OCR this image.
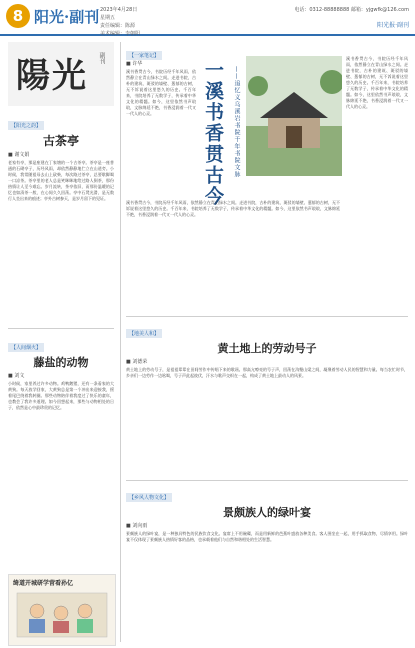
8 阳光·副刊 2023年4月28日
星期五
责任编辑：陈源
美术编辑：李朝阳
电话：0312-88888888 邮箱：yjgwfk@126.com
阳光报·副刊
陽光 副刊
【阳光之韵】
古茶亭
■ 谢文娟
老家有亭，那是座建在丁家塘的一个古茶亭。茶亭是一座普通的石砌亭子，历经风雨，却依然静静地伫立在山道旁。小时候，我常随祖母去山上砍柴，每次路过茶亭，总要歇脚喝一口凉茶。茶亭里的老人总是笑眯眯地给过路人倒茶，那份热情让人至今难忘。岁月流转，茶亭依旧，而那份温暖的记忆也如清茶一般，在心间久久回荡。亭中石凳光滑，是无数行人坐出来的痕迹；亭外古树参天，是岁月留下的见证。
【人间烟火】
藤盐的动物
■ 刘文
小时候，家里养过许多动物。鸡鸭鹅猪，还有一条看家的大黄狗。每天放学回家，大黄狗总是第一个冲出来迎接我，摇着尾巴绕着我转圈。那些动物陪伴着我度过了快乐的童年，也教会了我许多道理。如今回想起来，那些与动物相处的日子，依然是心中最珍贵的记忆。
绮道开城研学营看孙亿
【一家笔记】
■ 许华
溪书香贯古今，书院历经千年风雨，依然静立在青山绿水之间。走进书院，古朴的建筑、斑驳的墙壁、葱郁的古树，无不诉说着这里悠久的历史。千百年来，书院培养了无数学子，传承着中华文化的精髓。如今，这里依然书声琅琅，文脉绵延不绝，书香浸润着一代又一代人的心灵。	一溪书香贯古今	——追忆义乌溪岩书院千年书院文脉
溪书香贯古今，书院历经千年风雨，依然静立在青山绿水之间。走进书院，古朴的建筑、斑驳的墙壁、葱郁的古树，无不诉说着这里悠久的历史。千百年来，书院培养了无数学子，传承着中华文化的精髓。如今，这里依然书声琅琅，文脉绵延不绝，书香浸润着一代又一代人的心灵。
溪书香贯古今，书院历经千年风雨，依然静立在青山绿水之间。走进书院，古朴的建筑、斑驳的墙壁、葱郁的古树，无不诉说着这里悠久的历史。千百年来，书院培养了无数学子，传承着中华文化的精髓。如今，这里依然书声琅琅，文脉绵延不绝，书香浸润着一代又一代人的心灵。
【地美人和】
黄土地上的劳动号子
■ 刘德荣
黄土地上的劳动号子，是祖祖辈辈在田间劳作中传唱下来的歌谣。那高亢嘹亮的号子声，回荡在沟壑山梁之间，凝聚着劳动人民的智慧和力量。每当农忙时节，乡亲们一边劳作一边吆喝，号子声此起彼伏，汗水与歌声交织在一起，构成了黄土地上最动人的风景。
【乡风人物文化】
景颇族人的绿叶宴
■ 刘向雨
景颇族人的绿叶宴，是一种独具特色的民族饮食文化。宴席上不用碗碟，而是用新鲜的芭蕉叶盛放各种美食。客人围坐在一起，用手抓取食物，尽情享用。绿叶宴不仅体现了景颇族人热情好客的品格，也承载着他们与自然和谐相处的生活智慧。
